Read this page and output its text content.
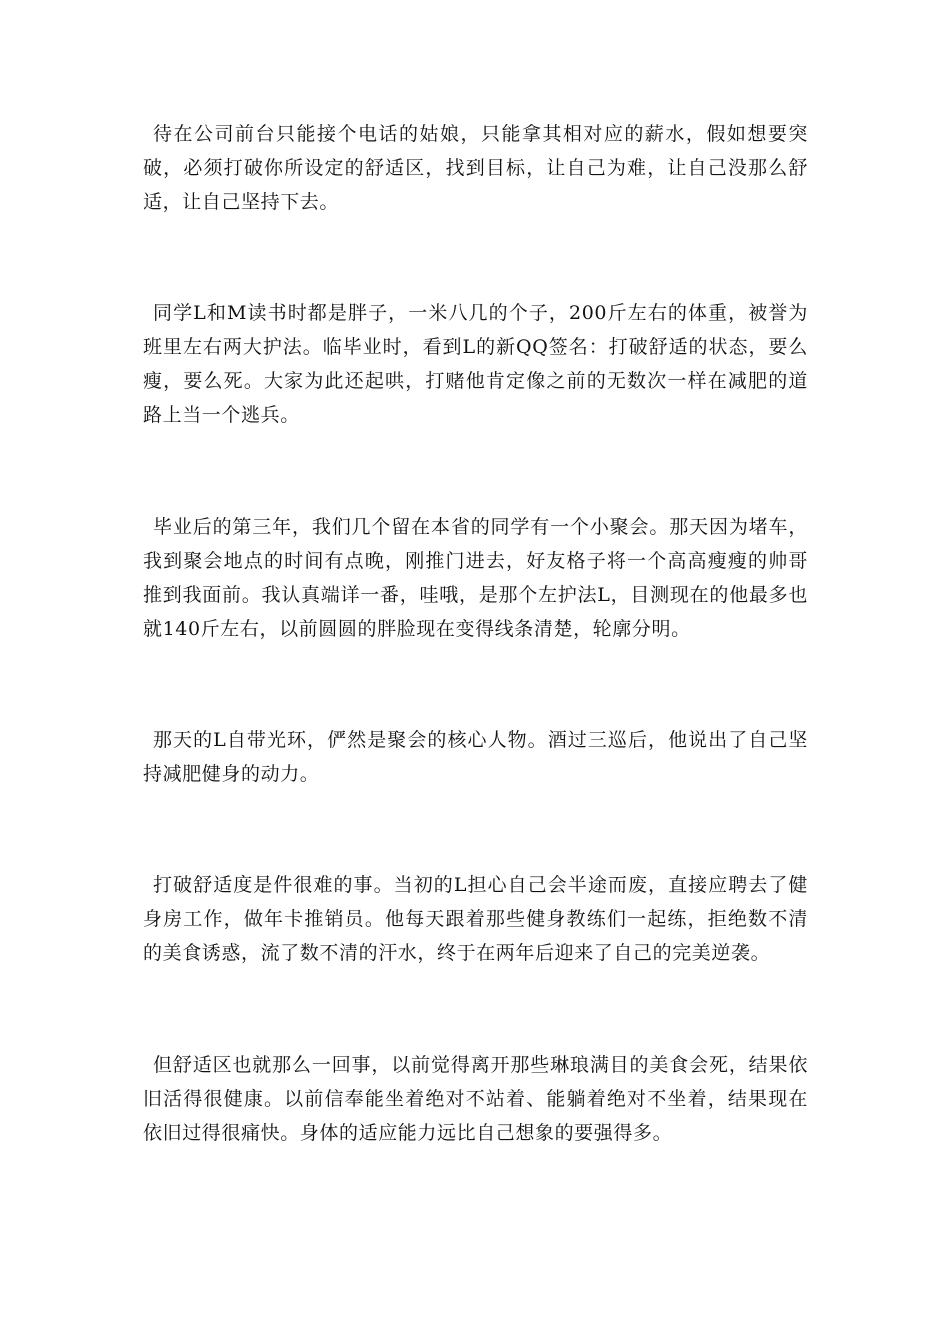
待在公司前台只能接个电话的姑娘，只能拿其相对应的薪水，假如想要突破，必须打破你所设定的舒适区，找到目标，让自己为难，让自己没那么舒适，让自己坚持下去。

同学L和M读书时都是胖子，一米八几的个子，200斤左右的体重，被誉为班里左右两大护法。临毕业时，看到L的新QQ签名：打破舒适的状态，要么瘦，要么死。大家为此还起哄，打赌他肯定像之前的无数次一样在减肥的道路上当一个逃兵。

毕业后的第三年，我们几个留在本省的同学有一个小聚会。那天因为堵车，我到聚会地点的时间有点晚，刚推门进去，好友格子将一个高高瘦瘦的帅哥推到我面前。我认真端详一番，哇哦，是那个左护法L，目测现在的他最多也就140斤左右，以前圆圆的胖脸现在变得线条清楚，轮廓分明。

那天的L自带光环，俨然是聚会的核心人物。酒过三巡后，他说出了自己坚持减肥健身的动力。

打破舒适度是件很难的事。当初的L担心自己会半途而废，直接应聘去了健身房工作，做年卡推销员。他每天跟着那些健身教练们一起练，拒绝数不清的美食诱惑，流了数不清的汗水，终于在两年后迎来了自己的完美逆袭。

但舒适区也就那么一回事，以前觉得离开那些琳琅满目的美食会死，结果依旧活得很健康。以前信奉能坐着绝对不站着、能躺着绝对不坐着，结果现在依旧过得很痛快。身体的适应能力远比自己想象的要强得多。
